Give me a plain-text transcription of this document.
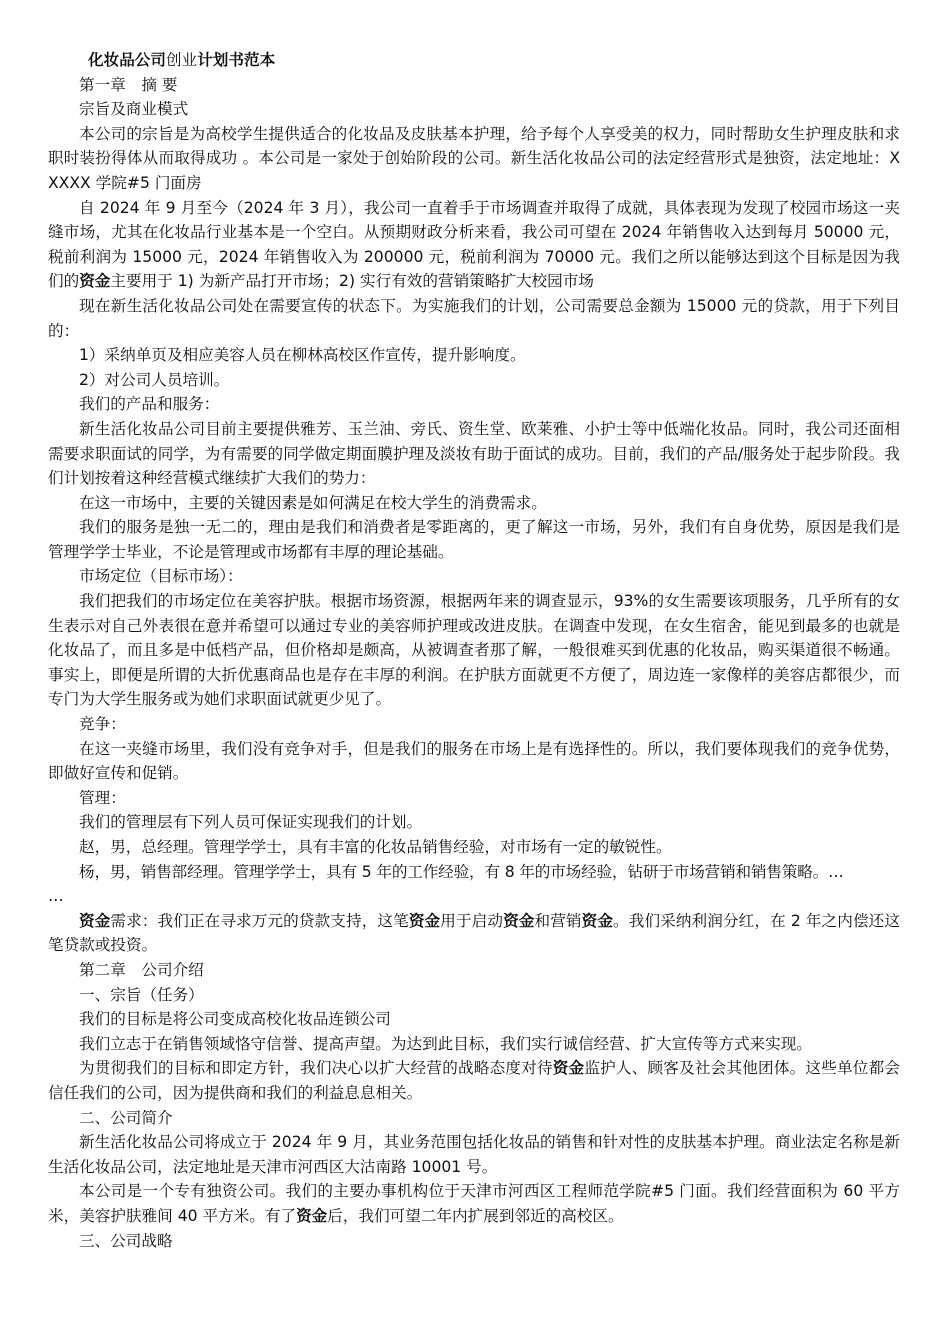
化妆品公司创业计划书范本

第一章　摘 要

宗旨及商业模式

本公司的宗旨是为高校学生提供适合的化妆品及皮肤基本护理，给予每个人享受美的权力，同时帮助女生护理皮肤和求职时装扮得体从而取得成功 。本公司是一家处于创始阶段的公司。新生活化妆品公司的法定经营形式是独资，法定地址：XXXXX 学院#5 门面房

自 2024 年 9 月至今（2024 年 3 月），我公司一直着手于市场调查并取得了成就，具体表现为发现了校园市场这一夹缝市场，尤其在化妆品行业基本是一个空白。从预期财政分析来看，我公司可望在 2024 年销售收入达到每月 50000 元，税前利润为 15000 元，2024 年销售收入为 200000 元，税前利润为 70000 元。我们之所以能够达到这个目标是因为我们的资金主要用于 1) 为新产品打开市场；2) 实行有效的营销策略扩大校园市场

现在新生活化妆品公司处在需要宣传的状态下。为实施我们的计划，公司需要总金额为 15000 元的贷款，用于下列目的：

1）采纳单页及相应美容人员在柳林高校区作宣传，提升影响度。

2）对公司人员培训。

我们的产品和服务：

新生活化妆品公司目前主要提供雅芳、玉兰油、旁氏、资生堂、欧莱雅、小护士等中低端化妆品。同时，我公司还面相需要求职面试的同学，为有需要的同学做定期面膜护理及淡妆有助于面试的成功。目前，我们的产品/服务处于起步阶段。我们计划按着这种经营模式继续扩大我们的势力：

在这一市场中，主要的关键因素是如何满足在校大学生的消费需求。

我们的服务是独一无二的，理由是我们和消费者是零距离的，更了解这一市场，另外，我们有自身优势，原因是我们是管理学学士毕业，不论是管理或市场都有丰厚的理论基础。

市场定位（目标市场）：

我们把我们的市场定位在美容护肤。根据市场资源，根据两年来的调查显示，93%的女生需要该项服务，几乎所有的女生表示对自己外表很在意并希望可以通过专业的美容师护理或改进皮肤。在调查中发现，在女生宿舍，能见到最多的也就是化妆品了，而且多是中低档产品，但价格却是颇高，从被调查者那了解，一般很难买到优惠的化妆品，购买渠道很不畅通。事实上，即便是所谓的大折优惠商品也是存在丰厚的利润。在护肤方面就更不方便了，周边连一家像样的美容店都很少，而专门为大学生服务或为她们求职面试就更少见了。

竞争：

在这一夹缝市场里，我们没有竞争对手，但是我们的服务在市场上是有选择性的。所以，我们要体现我们的竞争优势，即做好宣传和促销。

管理：

我们的管理层有下列人员可保证实现我们的计划。

赵，男，总经理。管理学学士，具有丰富的化妆品销售经验，对市场有一定的敏锐性。

杨，男，销售部经理。管理学学士，具有 5 年的工作经验，有 8 年的市场经验，钻研于市场营销和销售策略。…

…

资金需求：我们正在寻求万元的贷款支持，这笔资金用于启动资金和营销资金。我们采纳利润分红，在 2 年之内偿还这笔贷款或投资。

第二章　公司介绍

一、宗旨（任务）

我们的目标是将公司变成高校化妆品连锁公司

我们立志于在销售领域恪守信誉、提高声望。为达到此目标，我们实行诚信经营、扩大宣传等方式来实现。

为贯彻我们的目标和即定方针，我们决心以扩大经营的战略态度对待资金监护人、顾客及社会其他团体。这些单位都会信任我们的公司，因为提供商和我们的利益息息相关。

二、公司简介

新生活化妆品公司将成立于 2024 年 9 月，其业务范围包括化妆品的销售和针对性的皮肤基本护理。商业法定名称是新生活化妆品公司，法定地址是天津市河西区大沽南路 10001 号。

本公司是一个专有独资公司。我们的主要办事机构位于天津市河西区工程师范学院#5 门面。我们经营面积为 60 平方米，美容护肤雅间 40 平方米。有了资金后，我们可望二年内扩展到邻近的高校区。

三、公司战略
